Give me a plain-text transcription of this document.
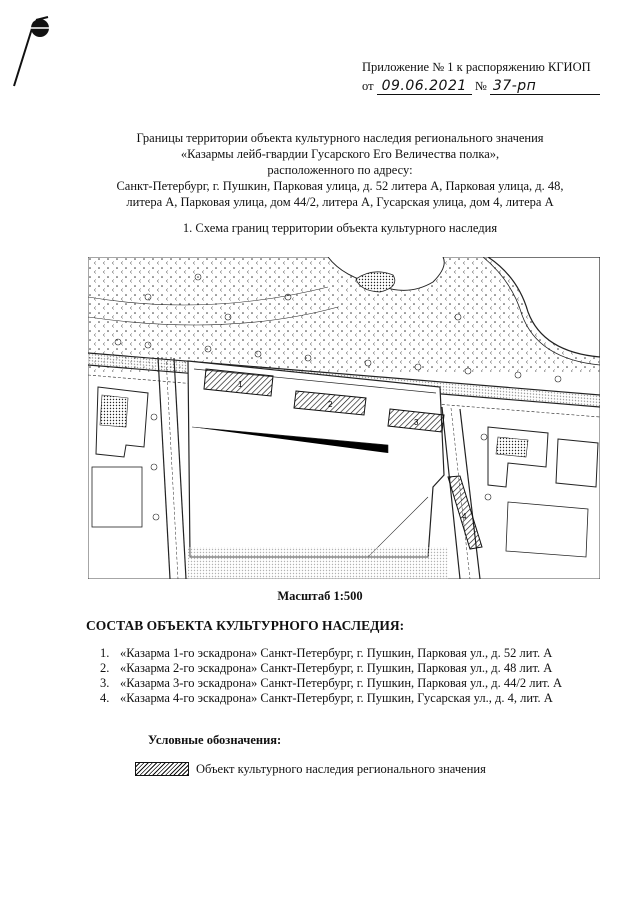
Приложение № 1 к распоряжению КГИОП
от 09.06.2021 № 37-рп
Границы территории объекта культурного наследия регионального значения
«Казармы лейб-гвардии Гусарского Его Величества полка»,
расположенного по адресу:
Санкт-Петербург, г. Пушкин, Парковая улица, д. 52 литера А, Парковая улица, д. 48,
литера А, Парковая улица, дом 44/2, литера А, Гусарская улица, дом 4, литера А
1. Схема границ территории объекта культурного наследия
1
2
3
4
Масштаб 1:500
СОСТАВ ОБЪЕКТА КУЛЬТУРНОГО НАСЛЕДИЯ:
1. «Казарма 1-го эскадрона» Санкт-Петербург, г. Пушкин, Парковая ул., д. 52 лит. А
2. «Казарма 2-го эскадрона» Санкт-Петербург, г. Пушкин, Парковая ул., д. 48 лит. А
3. «Казарма 3-го эскадрона» Санкт-Петербург, г. Пушкин, Парковая ул., д. 44/2 лит. А
4. «Казарма 4-го эскадрона» Санкт-Петербург, г. Пушкин, Гусарская ул., д. 4, лит. А
Условные обозначения:
Объект культурного наследия регионального значения
